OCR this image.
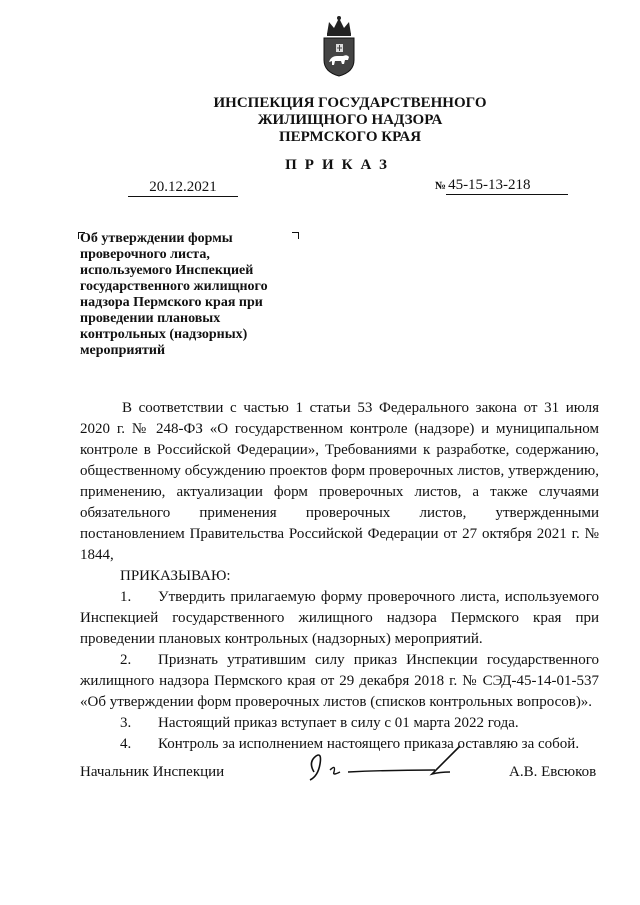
ИНСПЕКЦИЯ ГОСУДАРСТВЕННОГО
ЖИЛИЩНОГО НАДЗОРА
ПЕРМСКОГО КРАЯ
ПРИКАЗ
20.12.2021	№ 45-15-13-218
Об утверждении формы
проверочного листа,
используемого Инспекцией
государственного жилищного
надзора Пермского края при
проведении плановых
контрольных (надзорных)
мероприятий

В соответствии с частью 1 статьи 53 Федерального закона от 31 июля 2020 г. № 248-ФЗ «О государственном контроле (надзоре) и муниципальном контроле в Российской Федерации», Требованиями к разработке, содержанию, общественному обсуждению проектов форм проверочных листов, утверждению, применению, актуализации форм проверочных листов, а также случаями обязательного применения проверочных листов, утвержденными постановлением Правительства Российской Федерации от 27 октября 2021 г. № 1844,

ПРИКАЗЫВАЮ:

1. Утвердить прилагаемую форму проверочного листа, используемого Инспекцией государственного жилищного надзора Пермского края при проведении плановых контрольных (надзорных) мероприятий.

2. Признать утратившим силу приказ Инспекции государственного жилищного надзора Пермского края от 29 декабря 2018 г. № СЭД-45-14-01-537 «Об утверждении форм проверочных листов (списков контрольных вопросов)».

3. Настоящий приказ вступает в силу с 01 марта 2022 года.

4. Контроль за исполнением настоящего приказа оставляю за собой.

Начальник Инспекции	А.В. Евсюков
